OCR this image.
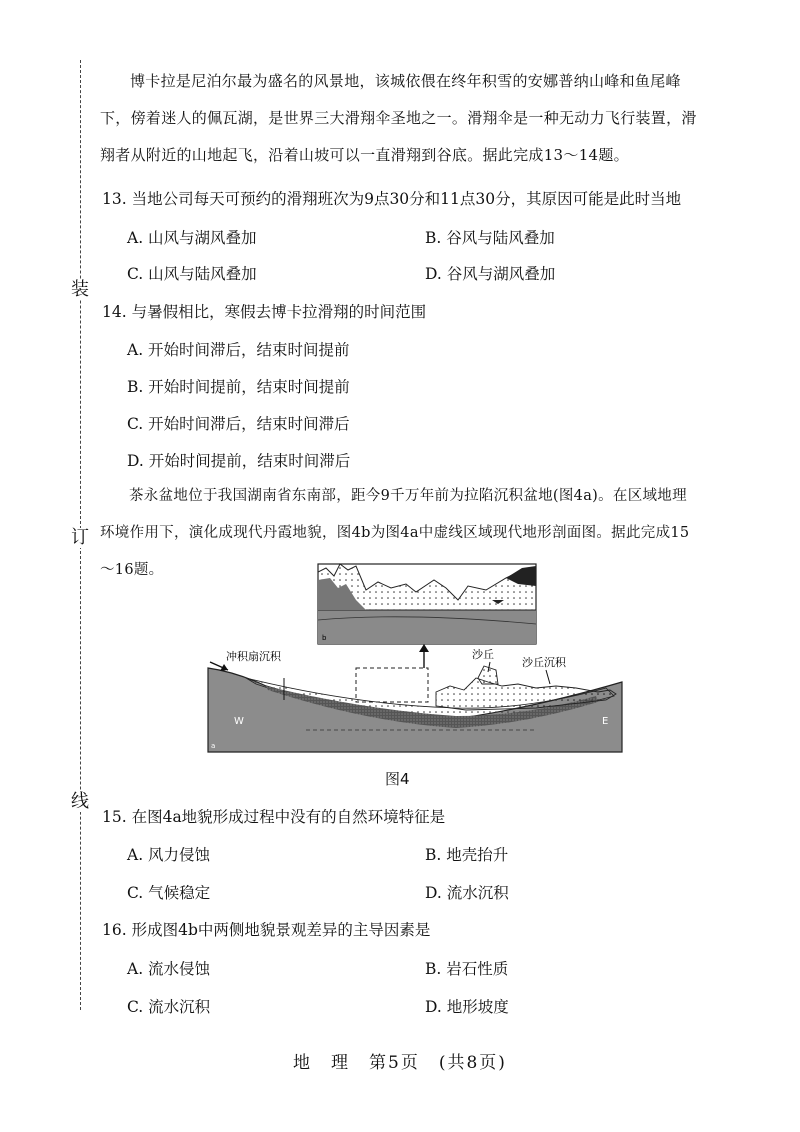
装
订
线
博卡拉是尼泊尔最为盛名的风景地，该城依偎在终年积雪的安娜普纳山峰和鱼尾峰下，傍着迷人的佩瓦湖，是世界三大滑翔伞圣地之一。滑翔伞是一种无动力飞行装置，滑翔者从附近的山地起飞，沿着山坡可以一直滑翔到谷底。据此完成13～14题。
13. 当地公司每天可预约的滑翔班次为9点30分和11点30分，其原因可能是此时当地
A. 山风与湖风叠加	B. 谷风与陆风叠加
C. 山风与陆风叠加	D. 谷风与湖风叠加
14. 与暑假相比，寒假去博卡拉滑翔的时间范围
A. 开始时间滞后，结束时间提前
B. 开始时间提前，结束时间提前
C. 开始时间滞后，结束时间滞后
D. 开始时间提前，结束时间滞后
茶永盆地位于我国湖南省东南部，距今9千万年前为拉陷沉积盆地(图4a)。在区域地理环境作用下，演化成现代丹霞地貌，图4b为图4a中虚线区域现代地形剖面图。据此完成15～16题。
b
冲积扇沉积	沙丘
沙丘沉积
W	E
a
图4
15. 在图4a地貌形成过程中没有的自然环境特征是
A. 风力侵蚀	B. 地壳抬升
C. 气候稳定	D. 流水沉积
16. 形成图4b中两侧地貌景观差异的主导因素是
A. 流水侵蚀	B. 岩石性质
C. 流水沉积	D. 地形坡度
地　理　第5页　(共8页)
